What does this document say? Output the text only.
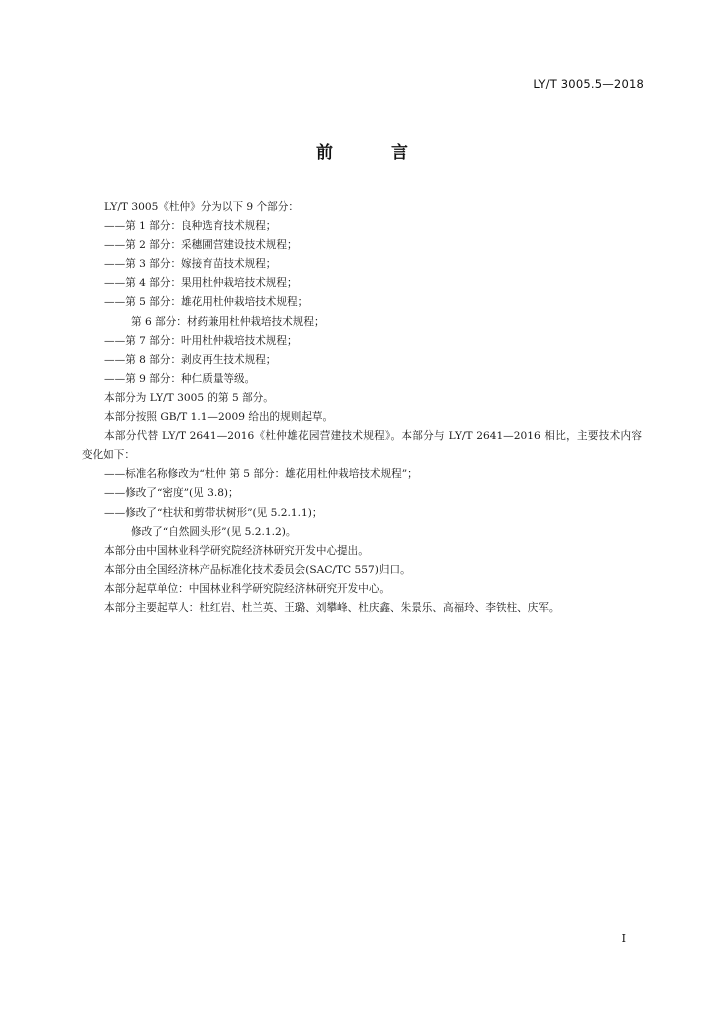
LY/T 3005.5—2018
前 言

LY/T 3005《杜仲》分为以下 9 个部分：

——第 1 部分：良种选育技术规程；

——第 2 部分：采穗圃营建设技术规程；

——第 3 部分：嫁接育苗技术规程；

——第 4 部分：果用杜仲栽培技术规程；

——第 5 部分：雄花用杜仲栽培技术规程；

第 6 部分：材药兼用杜仲栽培技术规程；

——第 7 部分：叶用杜仲栽培技术规程；

——第 8 部分：剥皮再生技术规程；

——第 9 部分：种仁质量等级。

本部分为 LY/T 3005 的第 5 部分。

本部分按照 GB/T 1.1—2009 给出的规则起草。

本部分代替 LY/T 2641—2016《杜仲雄花园营建技术规程》。本部分与 LY/T 2641—2016 相比，主要技术内容变化如下：

——标准名称修改为“杜仲 第 5 部分：雄花用杜仲栽培技术规程”；

——修改了“密度”(见 3.8)；

——修改了“柱状和剪带状树形”(见 5.2.1.1)；

修改了“自然圆头形”(见 5.2.1.2)。

本部分由中国林业科学研究院经济林研究开发中心提出。

本部分由全国经济林产品标准化技术委员会(SAC/TC 557)归口。

本部分起草单位：中国林业科学研究院经济林研究开发中心。

本部分主要起草人：杜红岩、杜兰英、王璐、刘攀峰、杜庆鑫、朱景乐、高福玲、李铁柱、庆军。

I
